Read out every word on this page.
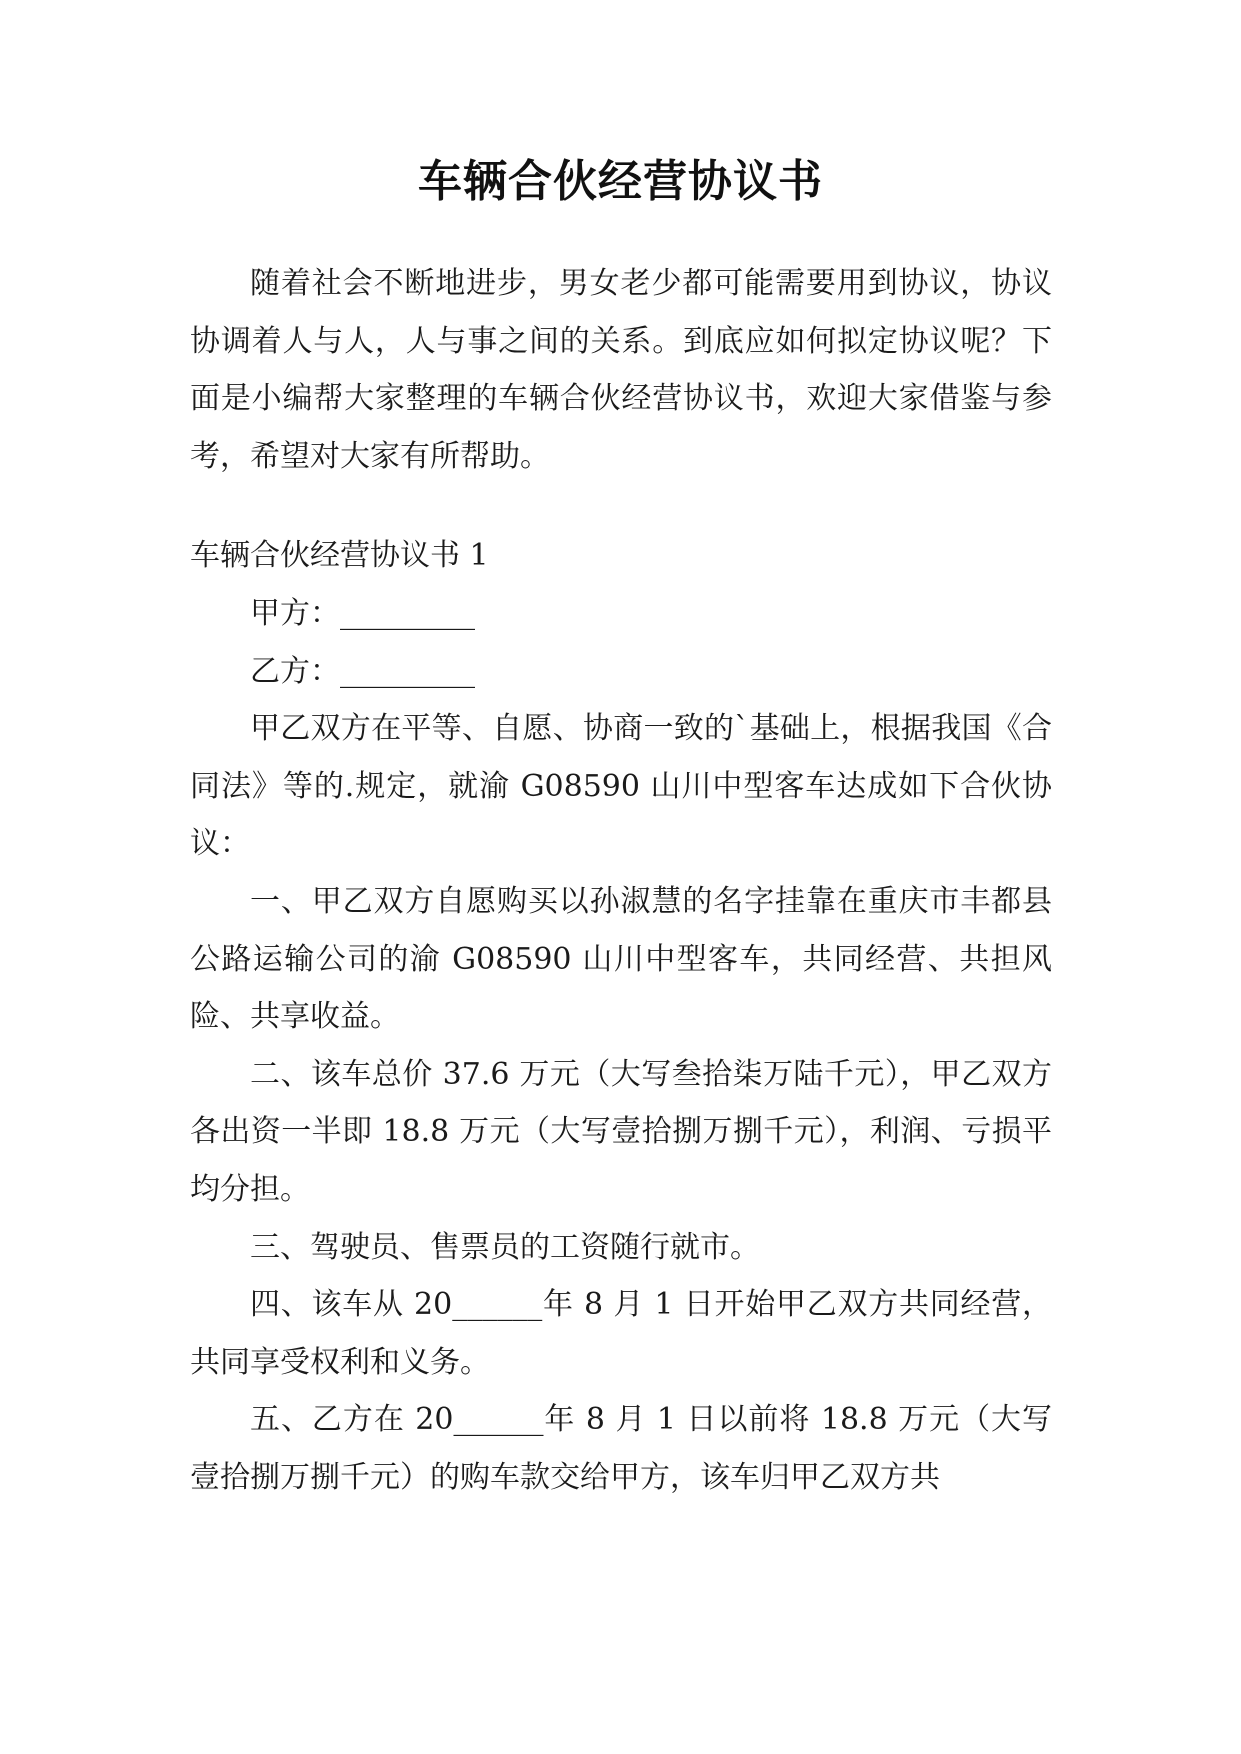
车辆合伙经营协议书

随着社会不断地进步，男女老少都可能需要用到协议，协议协调着人与人，人与事之间的关系。到底应如何拟定协议呢？下面是小编帮大家整理的车辆合伙经营协议书，欢迎大家借鉴与参考，希望对大家有所帮助。

车辆合伙经营协议书 1

甲方：_________

乙方：_________

甲乙双方在平等、自愿、协商一致的`基础上，根据我国《合同法》等的.规定，就渝 G08590 山川中型客车达成如下合伙协议：

一、甲乙双方自愿购买以孙淑慧的名字挂靠在重庆市丰都县公路运输公司的渝 G08590 山川中型客车，共同经营、共担风险、共享收益。

二、该车总价 37.6 万元（大写叁拾柒万陆千元），甲乙双方各出资一半即 18.8 万元（大写壹拾捌万捌千元），利润、亏损平均分担。

三、驾驶员、售票员的工资随行就市。

四、该车从 20______年 8 月 1 日开始甲乙双方共同经营，共同享受权利和义务。

五、乙方在 20______年 8 月 1 日以前将 18.8 万元（大写壹拾捌万捌千元）的购车款交给甲方，该车归甲乙双方共
